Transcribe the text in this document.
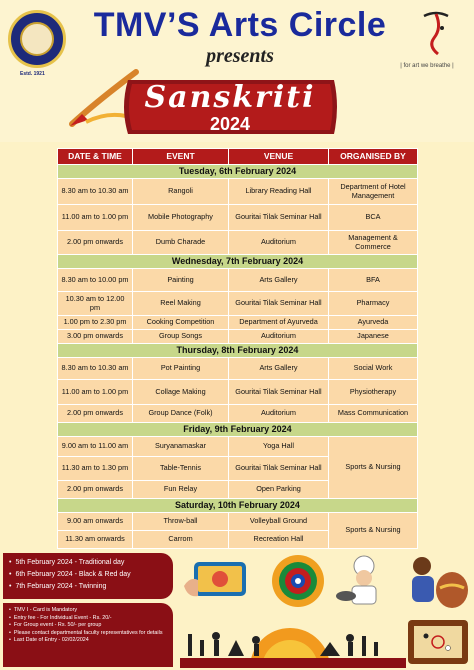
Estd. 1921
TMV’S Arts Circle
presents	| for art we breathe |
Sanskriti
2024
DATE & TIME	EVENT	VENUE	ORGANISED BY
Tuesday, 6th February 2024			
8.30 am to 10.30 am	Rangoli	Library Reading Hall	Department of Hotel Management
11.00 am to 1.00 pm	Mobile Photography	Gouritai Tilak Seminar Hall	BCA
2.00 pm onwards	Dumb Charade	Auditorium	Management & Commerce
Wednesday, 7th February 2024			
8.30 am to 10.00 pm	Painting	Arts Gallery	BFA
10.30 am to 12.00 pm	Reel Making	Gouritai Tilak Seminar Hall	Pharmacy
1.00 pm to 2.30 pm	Cooking Competition	Department of Ayurveda	Ayurveda
3.00 pm onwards	Group Songs	Auditorium	Japanese
Thursday, 8th February 2024			
8.30 am to 10.30 am	Pot Painting	Arts Gallery	Social Work
11.00 am to 1.00 pm	Collage Making	Gouritai Tilak Seminar Hall	Physiotherapy
2.00 pm onwards	Group Dance (Folk)	Auditorium	Mass Communication
Friday, 9th February 2024			
9.00 am to 11.00 am	Suryanamaskar	Yoga Hall	Sports & Nursing
11.30 am to 1.30 pm	Table-Tennis	Gouritai Tilak Seminar Hall	
2.00 pm onwards	Fun Relay	Open Parking	
Saturday, 10th February 2024			
9.00 am onwards	Throw-ball	Volleyball Ground	Sports & Nursing
11.30 am onwards	Carrom	Recreation Hall	
• 5th February 2024 - Traditional day
• 6th February 2024 - Black & Red day
• 7th February 2024 - Twinning
• TMV I - Card is Mandatory
• Entry fee - For Individual Event - Rs. 20/-
• For Group event - Rs. 50/- per group
• Please contact departmental faculty representatives for details
• Last Date of Entry - 02/02/2024
